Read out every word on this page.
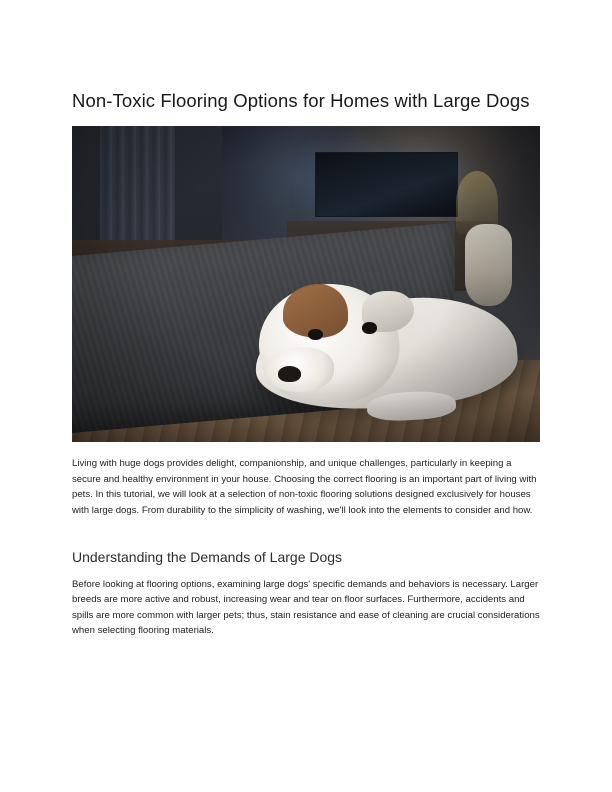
Non-Toxic Flooring Options for Homes with Large Dogs

Living with huge dogs provides delight, companionship, and unique challenges, particularly in keeping a secure and healthy environment in your house. Choosing the correct flooring is an important part of living with pets. In this tutorial, we will look at a selection of non-toxic flooring solutions designed exclusively for houses with large dogs. From durability to the simplicity of washing, we'll look into the elements to consider and how.

Understanding the Demands of Large Dogs

Before looking at flooring options, examining large dogs' specific demands and behaviors is necessary. Larger breeds are more active and robust, increasing wear and tear on floor surfaces. Furthermore, accidents and spills are more common with larger pets; thus, stain resistance and ease of cleaning are crucial considerations when selecting flooring materials.
